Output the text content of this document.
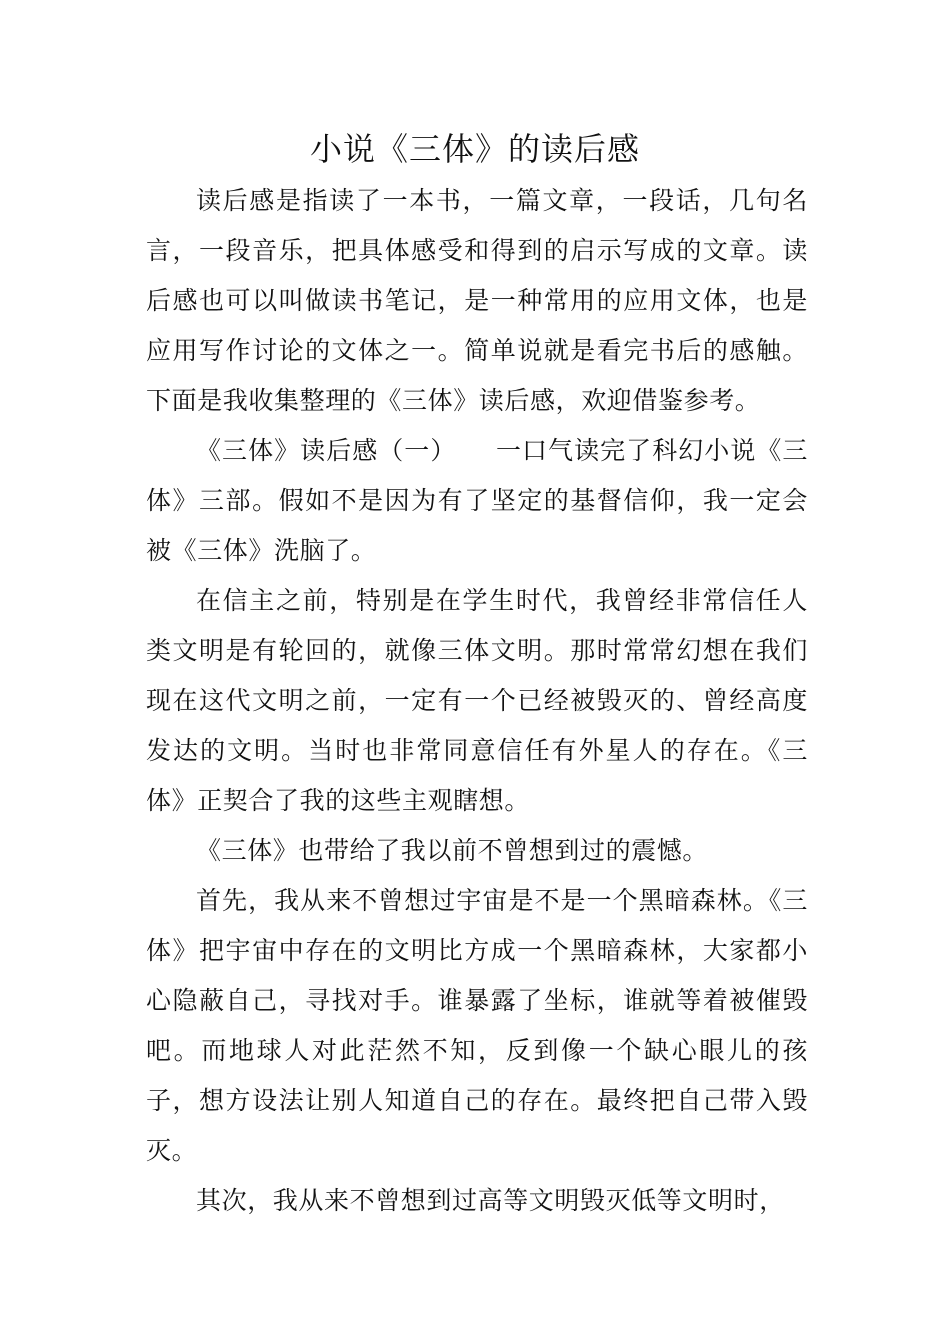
小说《三体》的读后感

读后感是指读了一本书，一篇文章，一段话，几句名言，一段音乐，把具体感受和得到的启示写成的文章。读后感也可以叫做读书笔记，是一种常用的应用文体，也是应用写作讨论的文体之一。简单说就是看完书后的感触。下面是我收集整理的《三体》读后感，欢迎借鉴参考。

《三体》读后感（一）　　一口气读完了科幻小说《三体》三部。假如不是因为有了坚定的基督信仰，我一定会被《三体》洗脑了。

在信主之前，特别是在学生时代，我曾经非常信任人类文明是有轮回的，就像三体文明。那时常常幻想在我们现在这代文明之前，一定有一个已经被毁灭的、曾经高度发达的文明。当时也非常同意信任有外星人的存在。《三体》正契合了我的这些主观瞎想。

《三体》也带给了我以前不曾想到过的震憾。

首先，我从来不曾想过宇宙是不是一个黑暗森林。《三体》把宇宙中存在的文明比方成一个黑暗森林，大家都小心隐蔽自己，寻找对手。谁暴露了坐标，谁就等着被催毁吧。而地球人对此茫然不知，反到像一个缺心眼儿的孩子，想方设法让别人知道自己的存在。最终把自己带入毁灭。

其次，我从来不曾想到过高等文明毁灭低等文明时，
